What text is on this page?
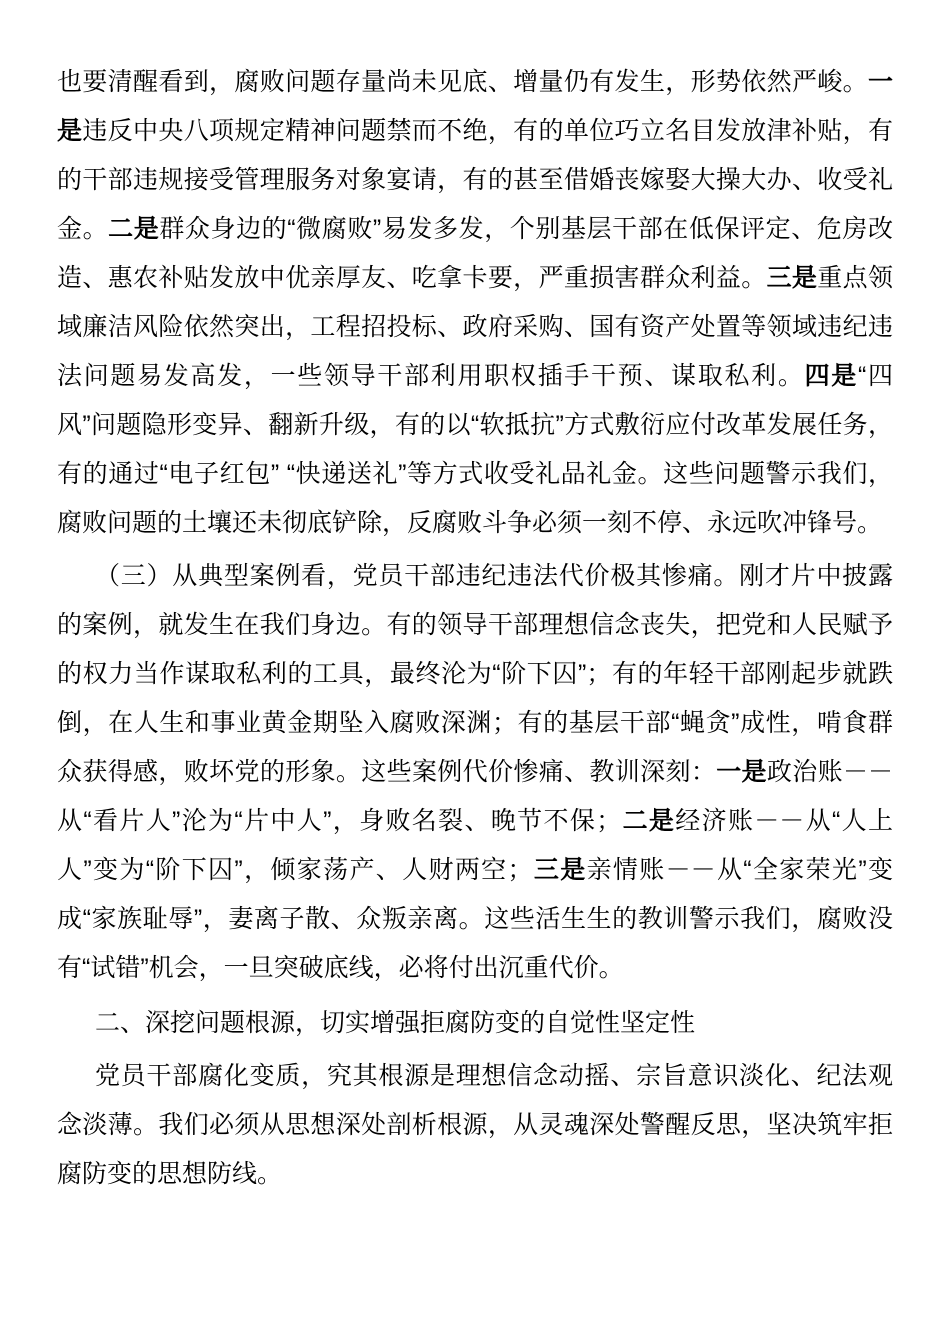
也要清醒看到，腐败问题存量尚未见底、增量仍有发生，形势依然严峻。一是违反中央八项规定精神问题禁而不绝，有的单位巧立名目发放津补贴，有的干部违规接受管理服务对象宴请，有的甚至借婚丧嫁娶大操大办、收受礼金。二是群众身边的“微腐败”易发多发，个别基层干部在低保评定、危房改造、惠农补贴发放中优亲厚友、吃拿卡要，严重损害群众利益。三是重点领域廉洁风险依然突出，工程招投标、政府采购、国有资产处置等领域违纪违法问题易发高发，一些领导干部利用职权插手干预、谋取私利。四是“四风”问题隐形变异、翻新升级，有的以“软抵抗”方式敷衍应付改革发展任务，有的通过“电子红包” “快递送礼”等方式收受礼品礼金。这些问题警示我们，腐败问题的土壤还未彻底铲除，反腐败斗争必须一刻不停、永远吹冲锋号。

（三）从典型案例看，党员干部违纪违法代价极其惨痛。刚才片中披露的案例，就发生在我们身边。有的领导干部理想信念丧失，把党和人民赋予的权力当作谋取私利的工具，最终沦为“阶下囚”；有的年轻干部刚起步就跌倒，在人生和事业黄金期坠入腐败深渊；有的基层干部“蝇贪”成性，啃食群众获得感，败坏党的形象。这些案例代价惨痛、教训深刻：一是政治账－－从“看片人”沦为“片中人”，身败名裂、晚节不保；二是经济账－－从“人上人”变为“阶下囚”，倾家荡产、人财两空；三是亲情账－－从“全家荣光”变成“家族耻辱”，妻离子散、众叛亲离。这些活生生的教训警示我们，腐败没有“试错”机会，一旦突破底线，必将付出沉重代价。

二、深挖问题根源，切实增强拒腐防变的自觉性坚定性

党员干部腐化变质，究其根源是理想信念动摇、宗旨意识淡化、纪法观念淡薄。我们必须从思想深处剖析根源，从灵魂深处警醒反思，坚决筑牢拒腐防变的思想防线。
